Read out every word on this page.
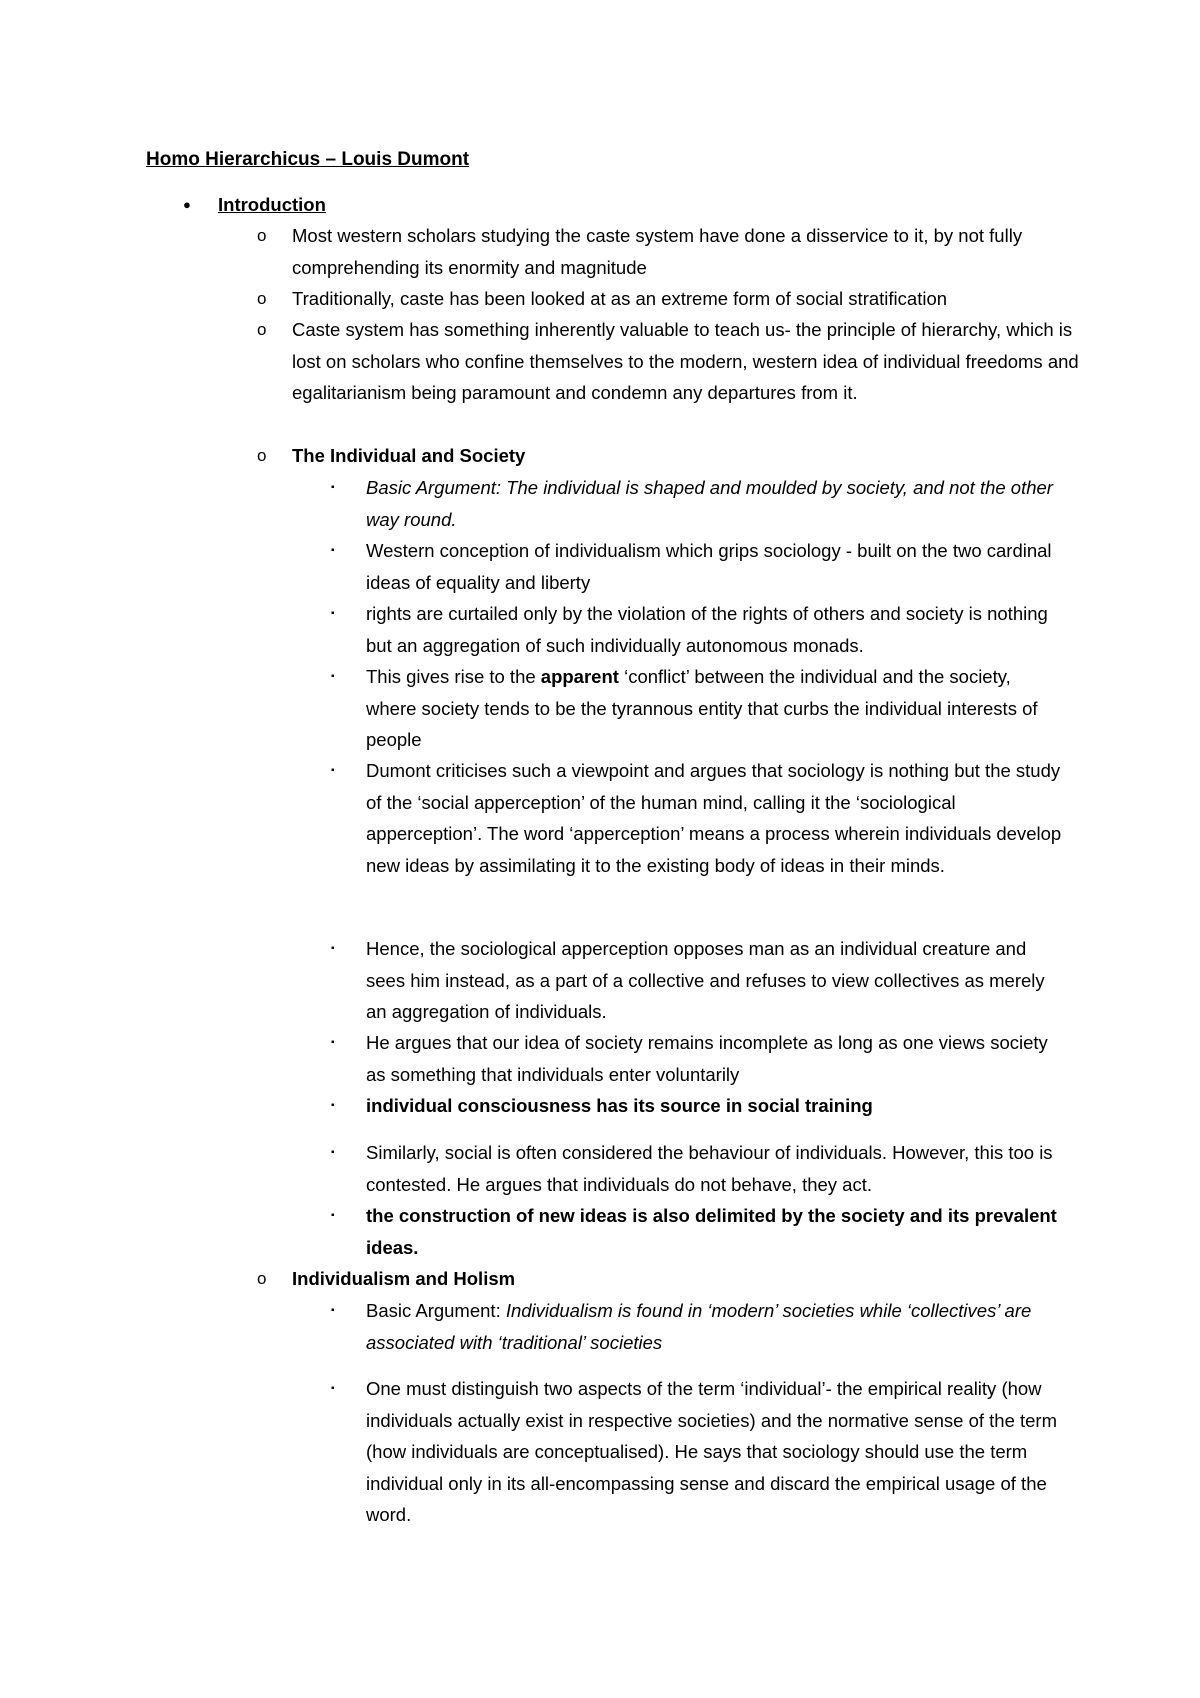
Homo Hierarchicus – Louis Dumont
● Introduction
o Most western scholars studying the caste system have done a disservice to it, by not fully comprehending its enormity and magnitude
o Traditionally, caste has been looked at as an extreme form of social stratification
o Caste system has something inherently valuable to teach us- the principle of hierarchy, which is lost on scholars who confine themselves to the modern, western idea of individual freedoms and egalitarianism being paramount and condemn any departures from it.
o The Individual and Society
▪ Basic Argument: The individual is shaped and moulded by society, and not the other way round.
▪ Western conception of individualism which grips sociology - built on the two cardinal ideas of equality and liberty
▪ rights are curtailed only by the violation of the rights of others and society is nothing but an aggregation of such individually autonomous monads.
▪ This gives rise to the apparent ‘conflict’ between the individual and the society, where society tends to be the tyrannous entity that curbs the individual interests of people
▪ Dumont criticises such a viewpoint and argues that sociology is nothing but the study of the ‘social apperception’ of the human mind, calling it the ‘sociological apperception’. The word ‘apperception’ means a process wherein individuals develop new ideas by assimilating it to the existing body of ideas in their minds.
▪ Hence, the sociological apperception opposes man as an individual creature and sees him instead, as a part of a collective and refuses to view collectives as merely an aggregation of individuals.
▪ He argues that our idea of society remains incomplete as long as one views society as something that individuals enter voluntarily
▪ individual consciousness has its source in social training
▪ Similarly, social is often considered the behaviour of individuals. However, this too is contested. He argues that individuals do not behave, they act.
▪ the construction of new ideas is also delimited by the society and its prevalent ideas.
o Individualism and Holism
▪ Basic Argument: Individualism is found in ‘modern’ societies while ‘collectives’ are associated with ‘traditional’ societies
▪ One must distinguish two aspects of the term ‘individual’- the empirical reality (how individuals actually exist in respective societies) and the normative sense of the term (how individuals are conceptualised). He says that sociology should use the term individual only in its all-encompassing sense and discard the empirical usage of the word.
